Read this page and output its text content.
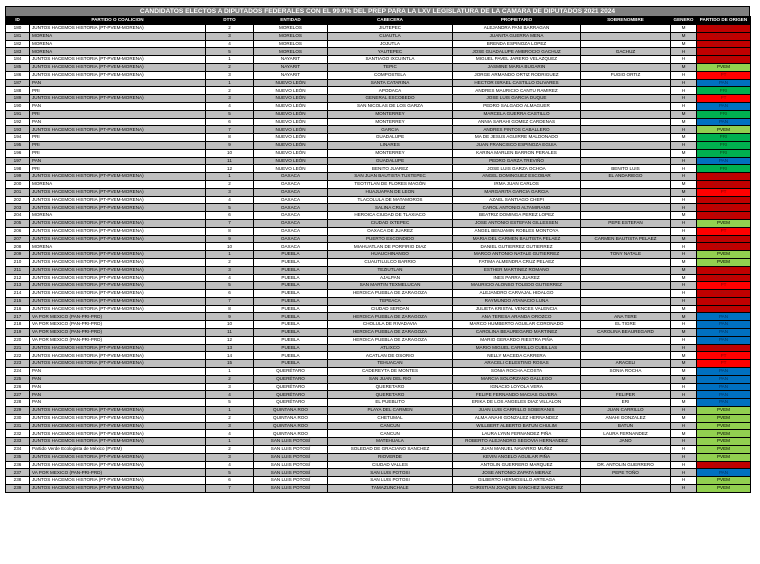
CANDIDATOS ELECTOS A DIPUTADOS FEDERALES CON EL 99.9% DEL PREP PARA LA LXV LEGISLATURA DE LA CAMARA DE DIPUTADOS 2021 2024
ID	PARTIDO O COALICION	DTTO	ENTIDAD	CABECERA	PROPIETARIO	SOBRENOMBRE	GENERO	PARTIDO DE ORIGEN
180	JUNTOS HACEMOS HISTORIA (PT-PVEM-MORENA)	2	MORELOS	JIUTEPEC	ALEJANDRA PANI BARRAGAN		M	MORENA
181	MORENA	3	MORELOS	CUAUTLA	JUANITA GUERRA MENA		M	MORENA
182	MORENA	4	MORELOS	JOJUTLA	BRENDA ESPINOZA LOPEZ		M	MORENA
183	MORENA	5	MORELOS	YAUTEPEC	JOSE GUADALUPE AMBROCIO GACHUZ	GACHUZ	H	MORENA
184	JUNTOS HACEMOS HISTORIA (PT-PVEM-MORENA)	1	NAYARIT	SANTIAGO IXCUINTLA	MIGUEL PAVEL JARERO VELAZQUEZ		H	MORENA
185	JUNTOS HACEMOS HISTORIA (PT-PVEM-MORENA)	2	NAYARIT	TEPIC	JASMINE MARIA BUGARIN		M	PVEM
186	JUNTOS HACEMOS HISTORIA (PT-PVEM-MORENA)	3	NAYARIT	COMPOSTELA	JORGE ARMANDO ORTIZ RODRIGUEZ	FUGIO ORTIZ	H	PT
187	PAN	1	NUEVO LEÓN	SANTA CATARINA	HECTOR ISRAEL CASTILLO OLIVARES		H	PAN
188	PRI	2	NUEVO LEÓN	APODACA	ANDRES MAURICIO CANTU RAMIREZ		H	PRI
189	JUNTOS HACEMOS HISTORIA (PT-PVEM-MORENA)	3	NUEVO LEÓN	GENERAL ESCOBEDO	JOSE LUIS GARCIA DUQUE		H	PT
190	PAN	4	NUEVO LEÓN	SAN NICOLAS DE LOS GARZA	PEDRO SALGADO ALMAGUER		H	PAN
191	PRI	5	NUEVO LEÓN	MONTERREY	MARCELA GUERRA CASTILLO		M	PRI
192	PAN	6	NUEVO LEÓN	MONTERREY	ANNIA SARAHI GOMEZ CARDENAS		M	PAN
193	JUNTOS HACEMOS HISTORIA (PT-PVEM-MORENA)	7	NUEVO LEÓN	GARCIA	ANDRES PINTOS CABALLERO		H	PVEM
194	PRI	8	NUEVO LEÓN	GUADALUPE	MA DE JESUS AGUIRRE MALDONADO		M	PRI
195	PRI	9	NUEVO LEÓN	LINARES	JUAN FRANCISCO ESPINOZA EGUIA		H	PRI
196	PRI	10	NUEVO LEÓN	MONTERREY	KARINA MARLEN BARRON PERALES		M	PRI
197	PAN	11	NUEVO LEÓN	GUADALUPE	PEDRO GARZA TREVIÑO		H	PAN
198	PRI	12	NUEVO LEÓN	BENITO JUAREZ	JOSE LUIS GARZA OCHOA	BENITO LUIS	H	PRI
199	JUNTOS HACEMOS HISTORIA (PT-PVEM-MORENA)	1	OAXACA	SAN JUAN BAUTISTA TUXTEPEC	ANGEL DOMINGUEZ ESCOBAR	EL ANDARIEGO	H	MORENA
200	MORENA	2	OAXACA	TEOTITLAN DE FLORES MAGÓN	IRMA JUAN CARLOS		M	MORENA
201	JUNTOS HACEMOS HISTORIA (PT-PVEM-MORENA)	3	OAXACA	HUAJUAPAN DE LEON	MARGARITA GARCIA GARCIA		M	PT
202	JUNTOS HACEMOS HISTORIA (PT-PVEM-MORENA)	4	OAXACA	TLACOLULA DE MATAMOROS	AZAEL SANTIAGO CHEPI		H	MORENA
203	JUNTOS HACEMOS HISTORIA (PT-PVEM-MORENA)	5	OAXACA	SALINA CRUZ	CAROL ANTONIO ALTAMIRANO		H	MORENA
204	MORENA	6	OAXACA	HEROICA CIUDAD DE TLAXIACO	BEATRIZ DOMINGA PEREZ LOPEZ		M	MORENA
205	JUNTOS HACEMOS HISTORIA (PT-PVEM-MORENA)	7	OAXACA	CIUDAD IXTEPEC	JOSE ANTONIO ESTEFAN GILLESSEN	PEPE ESTEFAN	H	PVEM
206	JUNTOS HACEMOS HISTORIA (PT-PVEM-MORENA)	8	OAXACA	OAXACA DE JUAREZ	ANGEL BENJAMIN ROBLES MONTOYA		H	PT
207	JUNTOS HACEMOS HISTORIA (PT-PVEM-MORENA)	9	OAXACA	PUERTO ESCONDIDO	MARIA DEL CARMEN BAUTISTA PELAEZ	CARMEN BAUTISTA PELAEZ	M	MORENA
208	MORENA	10	OAXACA	MIAHUATLAN DE PORFIRIO DIAZ	DANIEL GUTIERREZ GUTIERREZ		H	MORENA
209	JUNTOS HACEMOS HISTORIA (PT-PVEM-MORENA)	1	PUEBLA	HUAUCHINANGO	MARCO ANTONIO NATALE GUTIERREZ	TONY NATALE	H	PVEM
210	JUNTOS HACEMOS HISTORIA (PT-PVEM-MORENA)	2	PUEBLA	CUAUTILULCO BARRIO	FATIMA ALMENDRA CRUZ PELAEZ		M	PVEM
211	JUNTOS HACEMOS HISTORIA (PT-PVEM-MORENA)	3	PUEBLA	TEZIUTLAN	ESTHER MARTINEZ ROMANO		M	MORENA
212	JUNTOS HACEMOS HISTORIA (PT-PVEM-MORENA)	4	PUEBLA	AJALPAN	INES PARRA JUAREZ		M	MORENA
213	JUNTOS HACEMOS HISTORIA (PT-PVEM-MORENA)	5	PUEBLA	SAN MARTIN TEXMELUCAN	MAURICIO ALONSO TOLEDO GUTIERREZ		H	PT
214	JUNTOS HACEMOS HISTORIA (PT-PVEM-MORENA)	6	PUEBLA	HEROICA PUEBLA DE ZARAGOZA	ALEJANDRO CARVAJAL HIDALGO		H	MORENA
215	JUNTOS HACEMOS HISTORIA (PT-PVEM-MORENA)	7	PUEBLA	TEPEACA	RAYMUNDO ATANACIO LUNA		H	MORENA
216	JUNTOS HACEMOS HISTORIA (PT-PVEM-MORENA)	8	PUEBLA	CIUDAD SERDAN	JULIETA KRISTAL VENCES VALENCIA		M	MORENA
217	VA POR MEXICO (PAN-PRI-PRD)	9	PUEBLA	HEROICA PUEBLA DE ZARAGOZA	ANA TERESA ARANDA OROZCO	ANA TERE	M	PAN
218	VA POR MEXICO (PAN-PRI-PRD)	10	PUEBLA	CHOLULA DE RIVADAVIA	MARCO HUMBERTO AGUILAR CORONADO	EL TIGRE	H	PAN
219	VA POR MEXICO (PAN-PRI-PRD)	11	PUEBLA	HEROICA PUEBLA DE ZARAGOZA	CAROLINA BEAUREGARD MARTINEZ	CAROLINA BEAUREGARD	M	PAN
220	VA POR MEXICO (PAN-PRI-PRD)	12	PUEBLA	HEROICA PUEBLA DE ZARAGOZA	MARIO GERARDO RIESTRA PIÑA		H	PAN
221	JUNTOS HACEMOS HISTORIA (PT-PVEM-MORENA)	13	PUEBLA	ATLIXCO	MARIO MIGUEL CARRILLO CUBILLAS		H	MORENA
222	JUNTOS HACEMOS HISTORIA (PT-PVEM-MORENA)	14	PUEBLA	ACATLAN DE OSORIO	NELLY MACEDA CARRERA		M	PT
223	JUNTOS HACEMOS HISTORIA (PT-PVEM-MORENA)	15	PUEBLA	TEHUACAN	ARACELI CELESTINO ROSAS	ARACELI	M	PT
224	PAN	1	QUERÉTARO	CADEREYTA DE MONTES	SONIA ROCHA ACOSTA	SONIA ROCHA	M	PAN
225	PAN	2	QUERÉTARO	SAN JUAN DEL RIO	MARCIA SOLORZANO GALLEGO		M	PAN
226	PAN	3	QUERÉTARO	QUERETARO	IGNACIO LOYOLA VERA		H	PAN
227	PAN	4	QUERÉTARO	QUERETARO	FELIPE FERNANDO MACIAS OLVERA	FELIPER	H	PAN
228	PAN	5	QUERÉTARO	EL PUEBLITO	ERIKA DE LOS ANGELES DIAZ VILLALON	ERI	M	PAN
229	JUNTOS HACEMOS HISTORIA (PT-PVEM-MORENA)	1	QUINTANA ROO	PLAYA DEL CARMEN	JUAN LUIS CARRILLO SOBERANIS	JUAN CARRILLO	H	PVEM
230	JUNTOS HACEMOS HISTORIA (PT-PVEM-MORENA)	2	QUINTANA ROO	CHETUMAL	ALMA ANAHI GONZALEZ HERNANDEZ	ANAHI GONZALEZ	M	PVEM
231	JUNTOS HACEMOS HISTORIA (PT-PVEM-MORENA)	3	QUINTANA ROO	CANCUN	WILLBERT ALBERTO BATUN CHULIM	BATUN	H	PVEM
232	JUNTOS HACEMOS HISTORIA (PT-PVEM-MORENA)	4	QUINTANA ROO	CANCUN	LAURA LYNN FERNANDEZ PIÑA	LAURA FERNANDEZ	M	PVEM
233	JUNTOS HACEMOS HISTORIA (PT-PVEM-MORENA)	1	SAN LUIS POTOSÍ	MATEHUALA	ROBERTO ALEJANDRO SEGOVIA HERNANDEZ	JANO	H	PVEM
234	Partido Verde Ecologista de México (PVEM)	2	SAN LUIS POTOSÍ	SOLEDAD DE GRACIANO SANCHEZ	JUAN MANUEL NAVARRO MUÑIZ		H	PVEM
235	JUNTOS HACEMOS HISTORIA (PT-PVEM-MORENA)	3	SAN LUIS POTOSÍ	RIOVERDE	KEVIN ANGELO AGUILAR PIÑA		H	PVEM
236	JUNTOS HACEMOS HISTORIA (PT-PVEM-MORENA)	4	SAN LUIS POTOSÍ	CIUDAD VALLES	ANTOLIN GUERRERO MARQUEZ	DR. ANTOLIN GUERRERO	H	MORENA
237	VA POR MEXICO (PAN-PRI-PRD)	5	SAN LUIS POTOSÍ	SAN LUIS POTOSI	JOSE ANTONIO ZAPATA MERAZ	PEPE TOÑO	H	PAN
238	JUNTOS HACEMOS HISTORIA (PT-PVEM-MORENA)	6	SAN LUIS POTOSÍ	SAN LUIS POTOSI	GILBERTO HERMOSILLO ARTEAGA		H	PVEM
239	JUNTOS HACEMOS HISTORIA (PT-PVEM-MORENA)	7	SAN LUIS POTOSÍ	TAMAZUNCHALE	CHRISTIAN JOAQUIN SANCHEZ SANCHEZ		H	PVEM
